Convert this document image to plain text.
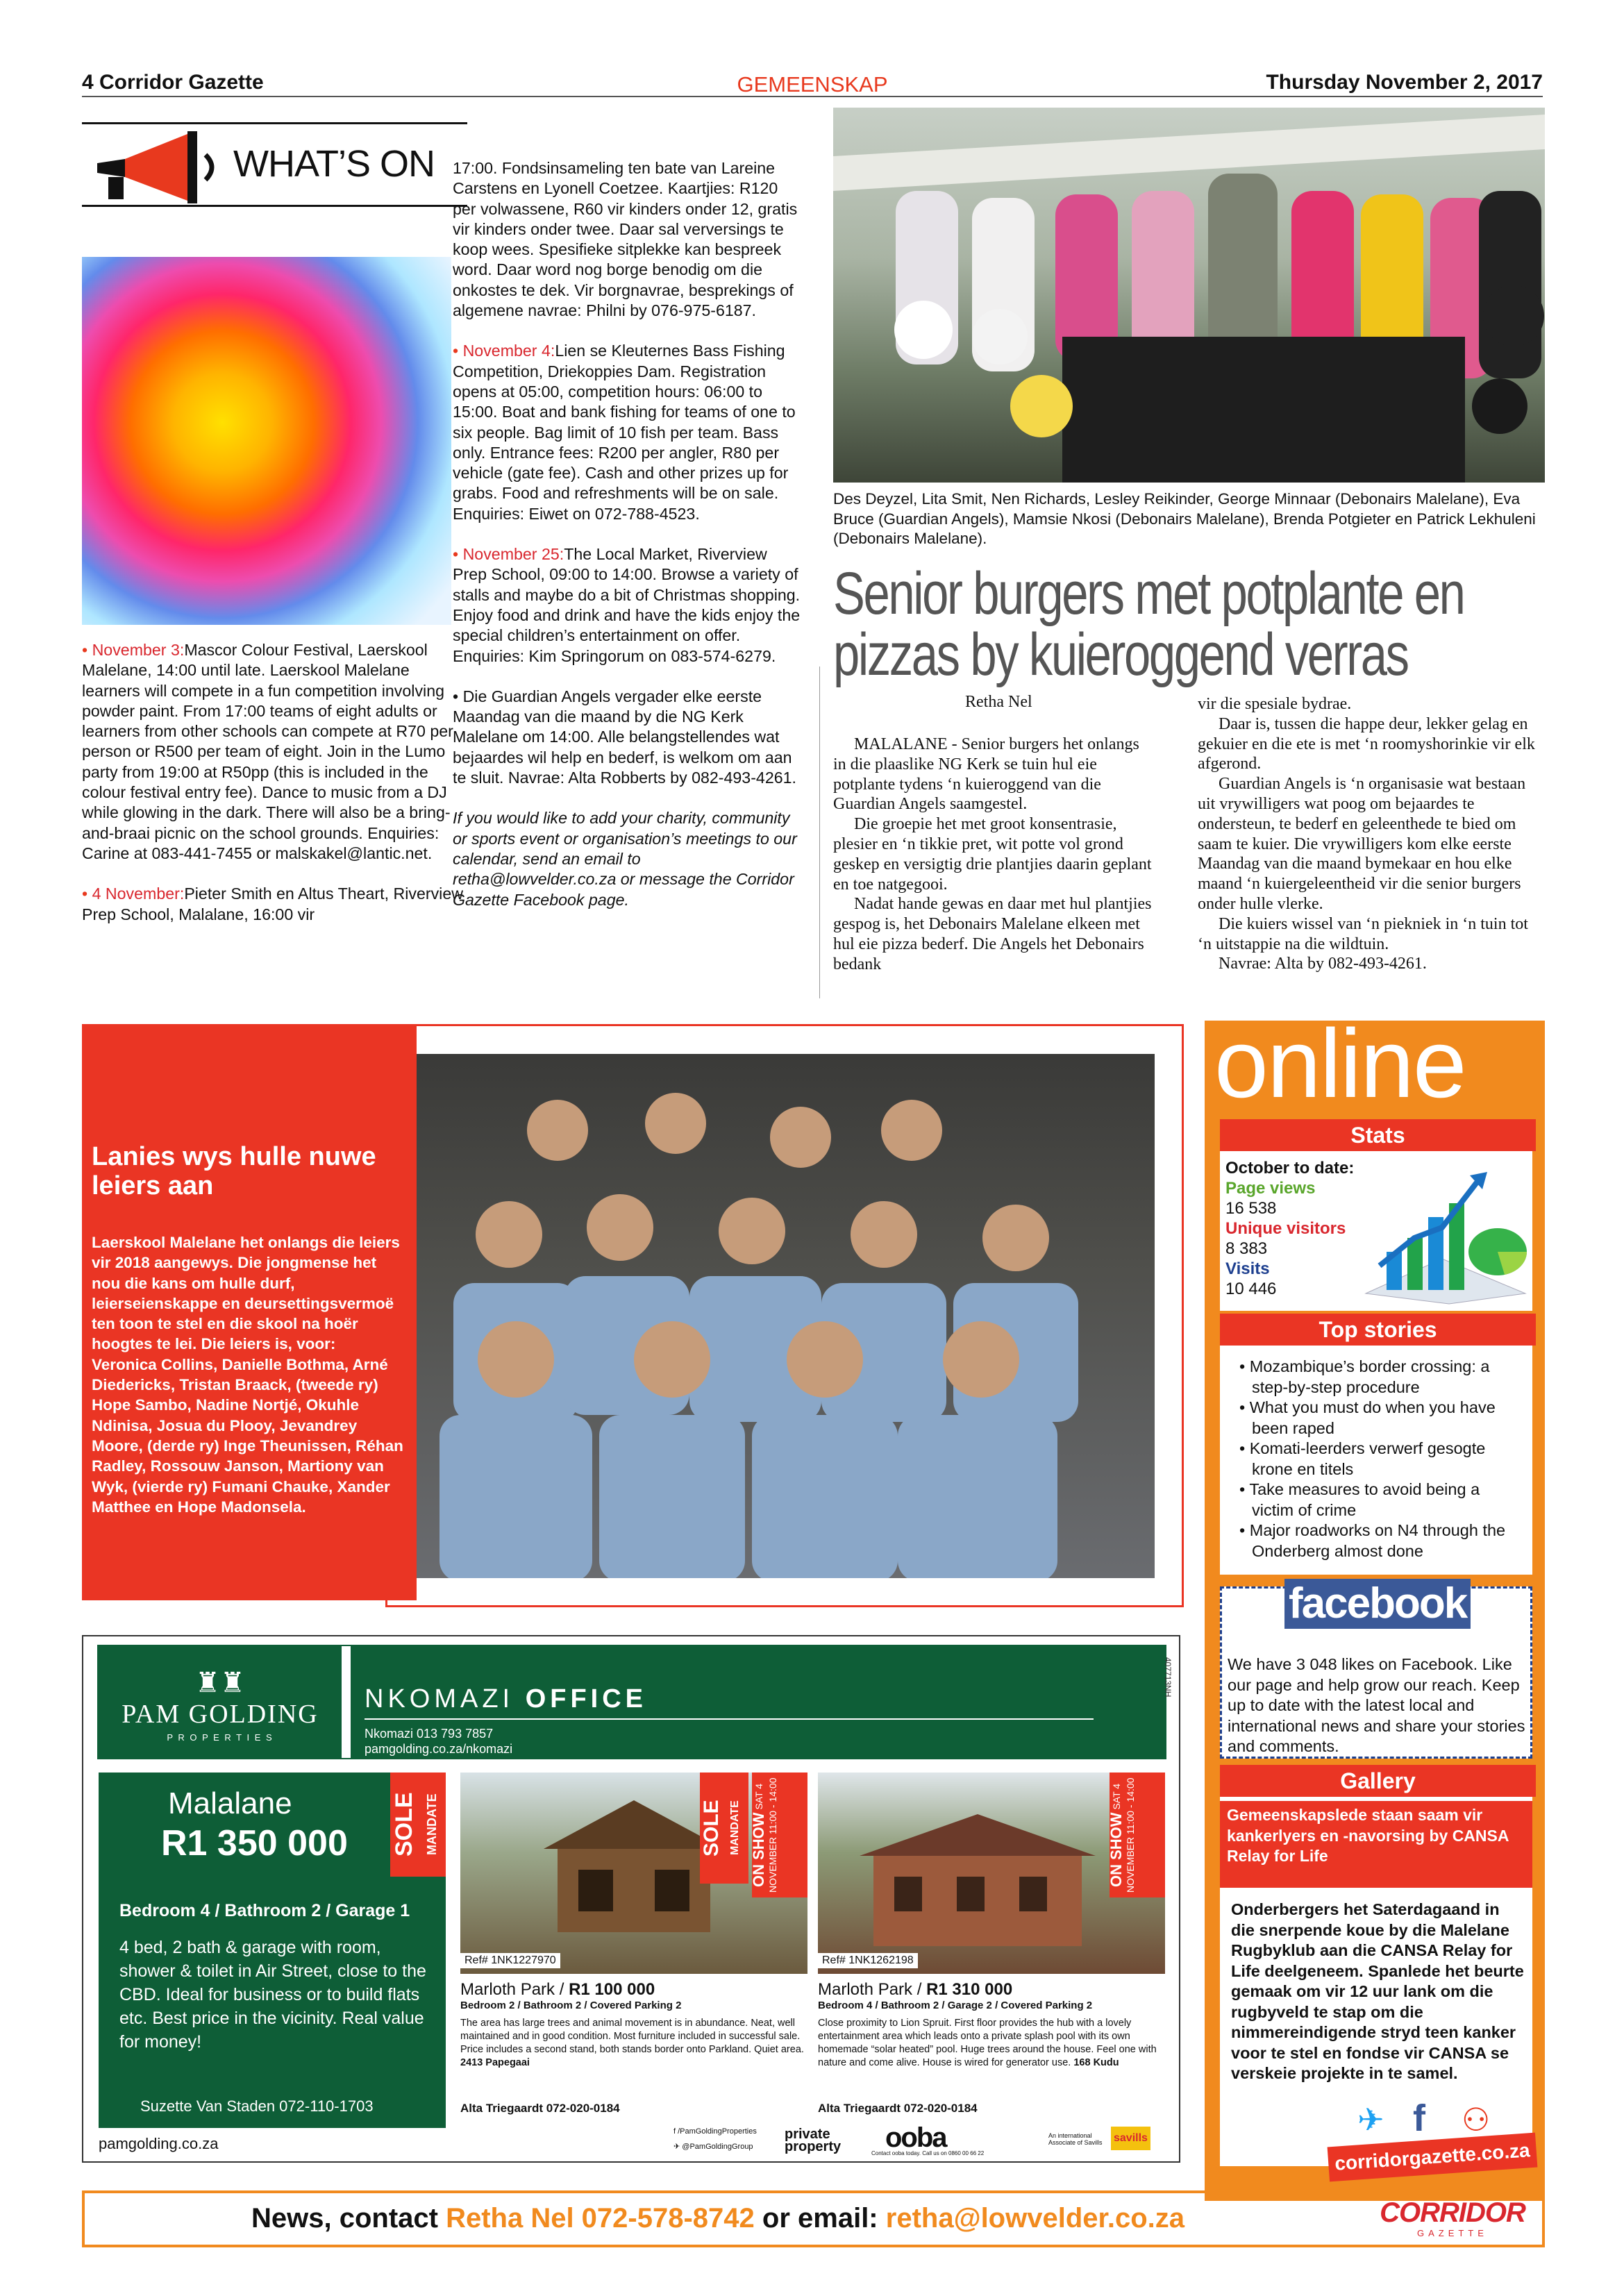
4 Corridor Gazette	GEMEENSKAP	Thursday November 2, 2017
WHAT’S ON

• November 3:Mascor Colour Festival, Laerskool Malelane, 14:00 until late. Laerskool Malelane learners will compete in a fun competition involving powder paint. From 17:00 teams of eight adults or learners from other schools can compete at R70 per person or R500 per team of eight. Join in the Lumo party from 19:00 at R50pp (this is included in the colour festival entry fee). Dance to music from a DJ while glowing in the dark. There will also be a bring-and-braai picnic on the school grounds. Enquiries: Carine at 083-441-7455 or malskakel@lantic.net.

• 4 November:Pieter Smith en Altus Theart, Riverview Prep School, Malalane, 16:00 vir

17:00. Fondsinsameling ten bate van Lareine Carstens en Lyonell Coetzee. Kaartjies: R120 per volwassene, R60 vir kinders onder 12, gratis vir kinders onder twee. Daar sal verversings te koop wees. Spesifieke sitplekke kan bespreek word. Daar word nog borge benodig om die onkostes te dek. Vir borgnavrae, besprekings of algemene navrae: Philni by 076-975-6187.

• November 4:Lien se Kleuternes Bass Fishing Competition, Driekoppies Dam. Registration opens at 05:00, competition hours: 06:00 to 15:00. Boat and bank fishing for teams of one to six people. Bag limit of 10 fish per team. Bass only. Entrance fees: R200 per angler, R80 per vehicle (gate fee). Cash and other prizes up for grabs. Food and refreshments will be on sale. Enquiries: Eiwet on 072-788-4523.

• November 25:The Local Market, Riverview Prep School, 09:00 to 14:00. Browse a variety of stalls and maybe do a bit of Christmas shopping. Enjoy food and drink and have the kids enjoy the special children’s entertainment on offer. Enquiries: Kim Springorum on 083-574-6279.

• Die Guardian Angels vergader elke eerste Maandag van die maand by die NG Kerk Malelane om 14:00. Alle belangstellendes wat bejaardes wil help en bederf, is welkom om aan te sluit. Navrae: Alta Robberts by 082-493-4261.

If you would like to add your charity, community or sports event or organisation’s meetings to our calendar, send an email to retha@lowvelder.co.za or message the Corridor Gazette Facebook page.

Des Deyzel, Lita Smit, Nen Richards, Lesley Reikinder, George Minnaar (Debonairs Malelane), Eva Bruce (Guardian Angels), Mamsie Nkosi (Debonairs Malelane), Brenda Potgieter en Patrick Lekhuleni (Debonairs Malelane).
Senior burgers met potplante en
pizzas by kuieroggend verras
Retha Nel
MALALANE - Senior burgers het onlangs in die plaaslike NG Kerk se tuin hul eie potplante tydens ‘n kuieroggend van die Guardian Angels saamgestel.
Die groepie het met groot konsentrasie, plesier en ‘n tikkie pret, wit potte vol grond geskep en versigtig drie plantjies daarin geplant en toe natgegooi.
Nadat hande gewas en daar met hul plantjies gespog is, het Debonairs Malelane elkeen met hul eie pizza bederf. Die Angels het Debonairs bedank
vir die spesiale bydrae.
Daar is, tussen die happe deur, lekker gelag en gekuier en die ete is met ‘n roomyshorinkie vir elk afgerond.
Guardian Angels is ‘n organisasie wat bestaan uit vrywilligers wat poog om bejaardes te ondersteun, te bederf en geleenthede te bied om saam te kuier. Die vrywilligers kom elke eerste Maandag van die maand bymekaar en hou elke maand ‘n kuiergeleentheid vir die senior burgers onder hulle vlerke.
Die kuiers wissel van ‘n piekniek in ‘n tuin tot ‘n uitstappie na die wildtuin.
Navrae: Alta by 082-493-4261.
Lanies wys hulle nuwe leiers aan
Laerskool Malelane het onlangs die leiers vir 2018 aangewys. Die jongmense het nou die kans om hulle durf, leierseienskappe en deursettingsvermoë ten toon te stel en die skool na hoër hoogtes te lei. Die leiers is, voor: Veronica Collins, Danielle Bothma, Arné Diedericks, Tristan Braack, (tweede ry) Hope Sambo, Nadine Nortjé, Okuhle Ndinisa, Josua du Plooy, Jevandrey Moore, (derde ry) Inge Theunissen, Réhan Radley, Rossouw Janson, Martiony van Wyk, (vierde ry) Fumani Chauke, Xander Matthee en Hope Madonsela.
online
Stats
October to date:
Page views
16 538
Unique visitors
8 383
Visits
10 446
Top stories
• Mozambique’s border crossing: a step-by-step procedure
• What you must do when you have been raped
• Komati-leerders verwerf gesogte krone en titels
• Take measures to avoid being a victim of crime
• Major roadworks on N4 through the Onderberg almost done
facebook
We have 3 048 likes on Facebook. Like our page and help grow our reach. Keep up to date with the latest local and international news and share your stories and comments.
Gallery
Gemeenskapslede staan saam vir kankerlyers en -navorsing by CANSA Relay for Life
Onderbergers het Saterdagaand in die snerpende koue by die Malelane Rugbyklub aan die CANSA Relay for Life deelgeneem. Spanlede het beurte gemaak om vir 12 uur lank om die rugbyveld te stap om die nimmereindigende stryd teen kanker voor te stel en fondse vir CANSA se verskeie projekte in te samel.
✈ f ⚇
corridorgazette.co.za
♜♜
PAM GOLDING
P R O P E R T I E S
NKOMAZI OFFICE
Nkomazi 013 793 7857
pamgolding.co.za/nkomazi
407713NH
Malalane
R1 350 000 SOLE MANDATE
Bedroom 4 / Bathroom 2 / Garage 1
4 bed, 2 bath & garage with room, shower & toilet in Air Street, close to the CBD. Ideal for business or to build flats etc. Best price in the vicinity. Real value for money!
Suzette Van Staden 072-110-1703
pamgolding.co.za
SOLE MANDATE ON SHOW SAT 4 NOVEMBER 11:00 - 14:00
Ref# 1NK1227970
Marloth Park / R1 100 000
Bedroom 2 / Bathroom 2 / Covered Parking 2
The area has large trees and animal movement is in abundance. Neat, well maintained and in good condition. Most furniture included in successful sale. Price includes a second stand, both stands border onto Parkland. Quiet area. 2413 Papegaai
Alta Triegaardt 072-020-0184
ON SHOW SAT 4 NOVEMBER 11:00 - 14:00
Ref# 1NK1262198
Marloth Park / R1 310 000
Bedroom 4 / Bathroom 2 / Garage 2 / Covered Parking 2
Close proximity to Lion Spruit. First floor provides the hub with a lovely entertainment area which leads onto a private splash pool with its own homemade “solar heated” pool. Huge trees around the house. Feel one with nature and come alive. House is wired for generator use. 168 Kudu
Alta Triegaardt 072-020-0184
f /PamGoldingProperties
✈ @PamGoldingGroup
private property	ooba
Contact ooba today. Call us on 0860 00 66 22
An international Associate of Savills	savills
News, contact Retha Nel 072-578-8742 or email: retha@lowvelder.co.za	CORRIDOR
GAZETTE
